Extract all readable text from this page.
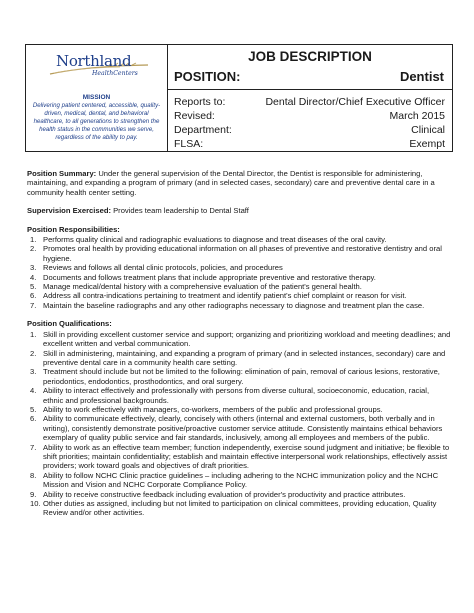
Northland
HealthCenters
MISSION
Delivering patient centered, accessible, quality-driven, medical, dental, and behavioral healthcare, to all generations to strengthen the health status in the communities we serve, regardless of the ability to pay.
JOB DESCRIPTION
POSITION:	Dentist
Reports to:	Dental Director/Chief Executive Officer
Revised:	March 2015
Department:	Clinical
FLSA:	Exempt

Position Summary: Under the general supervision of the Dental Director, the Dentist is responsible for administering, maintaining, and expanding a program of primary (and in selected cases, secondary) care and preventive dental care in a community health center setting.

Supervision Exercised: Provides team leadership to Dental Staff

Position Responsibilities:
1. Performs quality clinical and radiographic evaluations to diagnose and treat diseases of the oral cavity.
2. Promotes oral health by providing educational information on all phases of preventive and restorative dentistry and oral hygiene.
3. Reviews and follows all dental clinic protocols, policies, and procedures
4. Documents and follows treatment plans that include appropriate preventive and restorative therapy.
5. Manage medical/dental history with a comprehensive evaluation of the patient's general health.
6. Address all contra-indications pertaining to treatment and identify patient's chief complaint or reason for visit.
7. Maintain the baseline radiographs and any other radiographs necessary to diagnose and treatment plan the case.
Position Qualifications:
1. Skill in providing excellent customer service and support; organizing and prioritizing workload and meeting deadlines; and excellent written and verbal communication.
2. Skill in administering, maintaining, and expanding a program of primary (and in selected instances, secondary) care and preventive dental care in a community health care setting.
3. Treatment should include but not be limited to the following: elimination of pain, removal of carious lesions, restorative, periodontics, endodontics, prosthodontics, and oral surgery.
4. Ability to interact effectively and professionally with persons from diverse cultural, socioeconomic, education, racial, ethnic and professional backgrounds.
5. Ability to work effectively with managers, co-workers, members of the public and professional groups.
6. Ability to communicate effectively, clearly, concisely with others (internal and external customers, both verbally and in writing), consistently demonstrate positive/proactive customer service attitude. Consistently maintains ethical behaviors exemplary of quality public service and fair standards, inclusively, among all employees and members of the public.
7. Ability to work as an effective team member; function independently, exercise sound judgment and initiative; be flexible to shift priorities; maintain confidentiality; establish and maintain effective interpersonal work relationships, effectively assist providers; work toward goals and objectives of draft priorities.
8. Ability to follow NCHC Clinic practice guidelines – including adhering to the NCHC immunization policy and the NCHC Mission and Vision and NCHC Corporate Compliance Policy.
9. Ability to receive constructive feedback including evaluation of provider's productivity and practice attributes.
10. Other duties as assigned, including but not limited to participation on clinical committees, providing education, Quality Review and/or other activities.
